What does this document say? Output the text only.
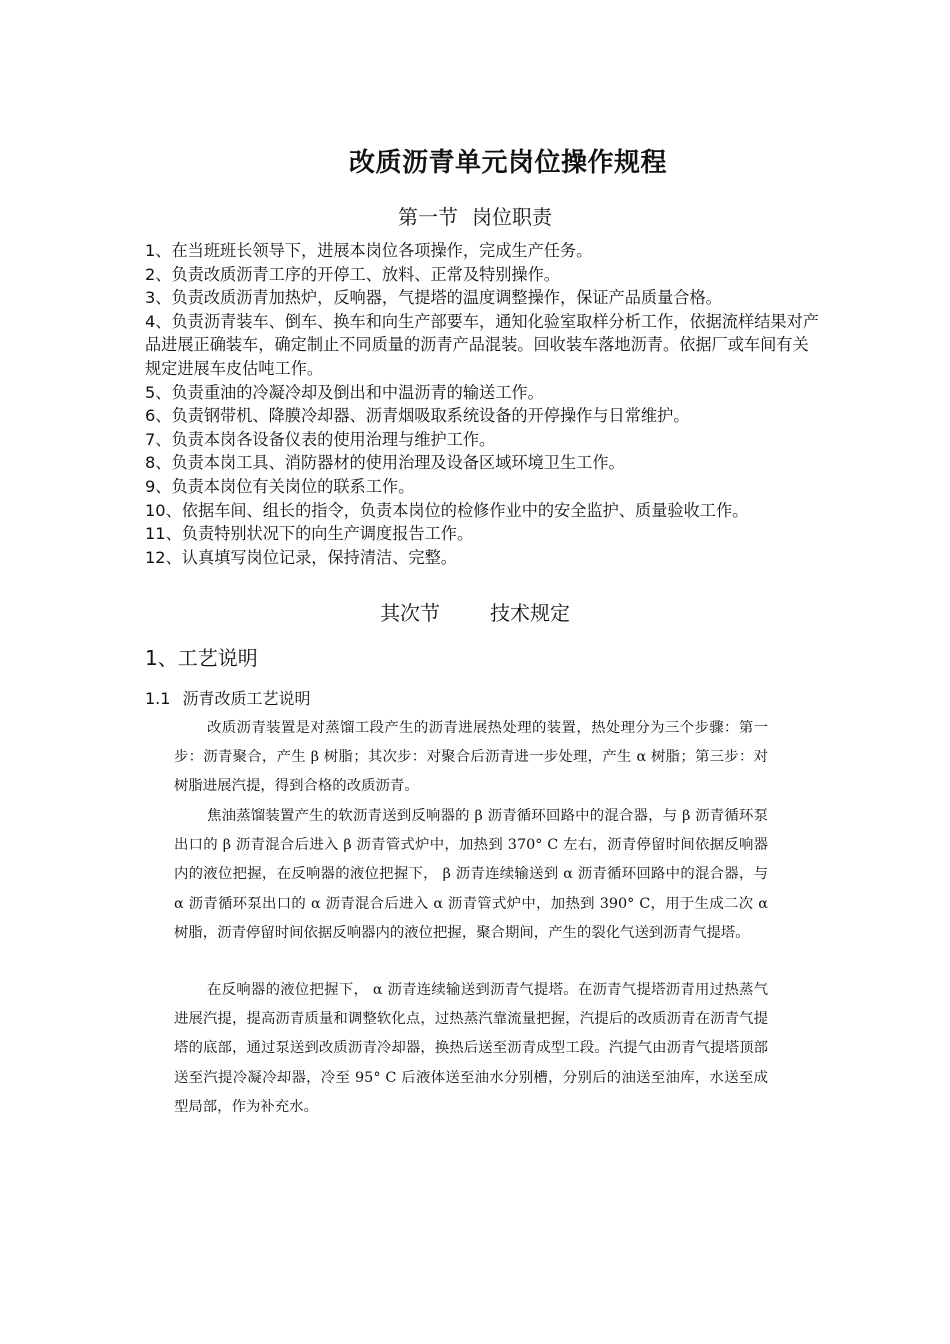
改质沥青单元岗位操作规程
第一节 岗位职责
1、在当班班长领导下，进展本岗位各项操作，完成生产任务。
2、负责改质沥青工序的开停工、放料、正常及特别操作。
3、负责改质沥青加热炉，反响器，气提塔的温度调整操作，保证产品质量合格。
4、负责沥青装车、倒车、换车和向生产部要车，通知化验室取样分析工作，依据流样结果对产品进展正确装车，确定制止不同质量的沥青产品混装。回收装车落地沥青。依据厂或车间有关规定进展车皮估吨工作。
5、负责重油的冷凝冷却及倒出和中温沥青的输送工作。
6、负责钢带机、降膜冷却器、沥青烟吸取系统设备的开停操作与日常维护。
7、负责本岗各设备仪表的使用治理与维护工作。
8、负责本岗工具、消防器材的使用治理及设备区域环境卫生工作。
9、负责本岗位有关岗位的联系工作。
10、依据车间、组长的指令，负责本岗位的检修作业中的安全监护、质量验收工作。
11、负责特别状况下的向生产调度报告工作。
12、认真填写岗位记录，保持清洁、完整。
其次节	技术规定
1、工艺说明
1.1 沥青改质工艺说明

改质沥青装置是对蒸馏工段产生的沥青进展热处理的装置，热处理分为三个步骤：第一步：沥青聚合，产生 β 树脂；其次步：对聚合后沥青进一步处理，产生 α 树脂；第三步：对树脂进展汽提，得到合格的改质沥青。

焦油蒸馏装置产生的软沥青送到反响器的 β 沥青循环回路中的混合器，与 β 沥青循环泵出口的 β 沥青混合后进入 β 沥青管式炉中，加热到 370° C 左右，沥青停留时间依据反响器内的液位把握，在反响器的液位把握下， β 沥青连续输送到 α 沥青循环回路中的混合器，与 α 沥青循环泵出口的 α 沥青混合后进入 α 沥青管式炉中，加热到 390° C，用于生成二次 α 树脂，沥青停留时间依据反响器内的液位把握，聚合期间，产生的裂化气送到沥青气提塔。

在反响器的液位把握下， α 沥青连续输送到沥青气提塔。在沥青气提塔沥青用过热蒸气进展汽提，提高沥青质量和调整软化点，过热蒸汽靠流量把握，汽提后的改质沥青在沥青气提塔的底部，通过泵送到改质沥青冷却器，换热后送至沥青成型工段。汽提气由沥青气提塔顶部送至汽提冷凝冷却器，冷至 95° C 后液体送至油水分别槽，分别后的油送至油库，水送至成型局部，作为补充水。
